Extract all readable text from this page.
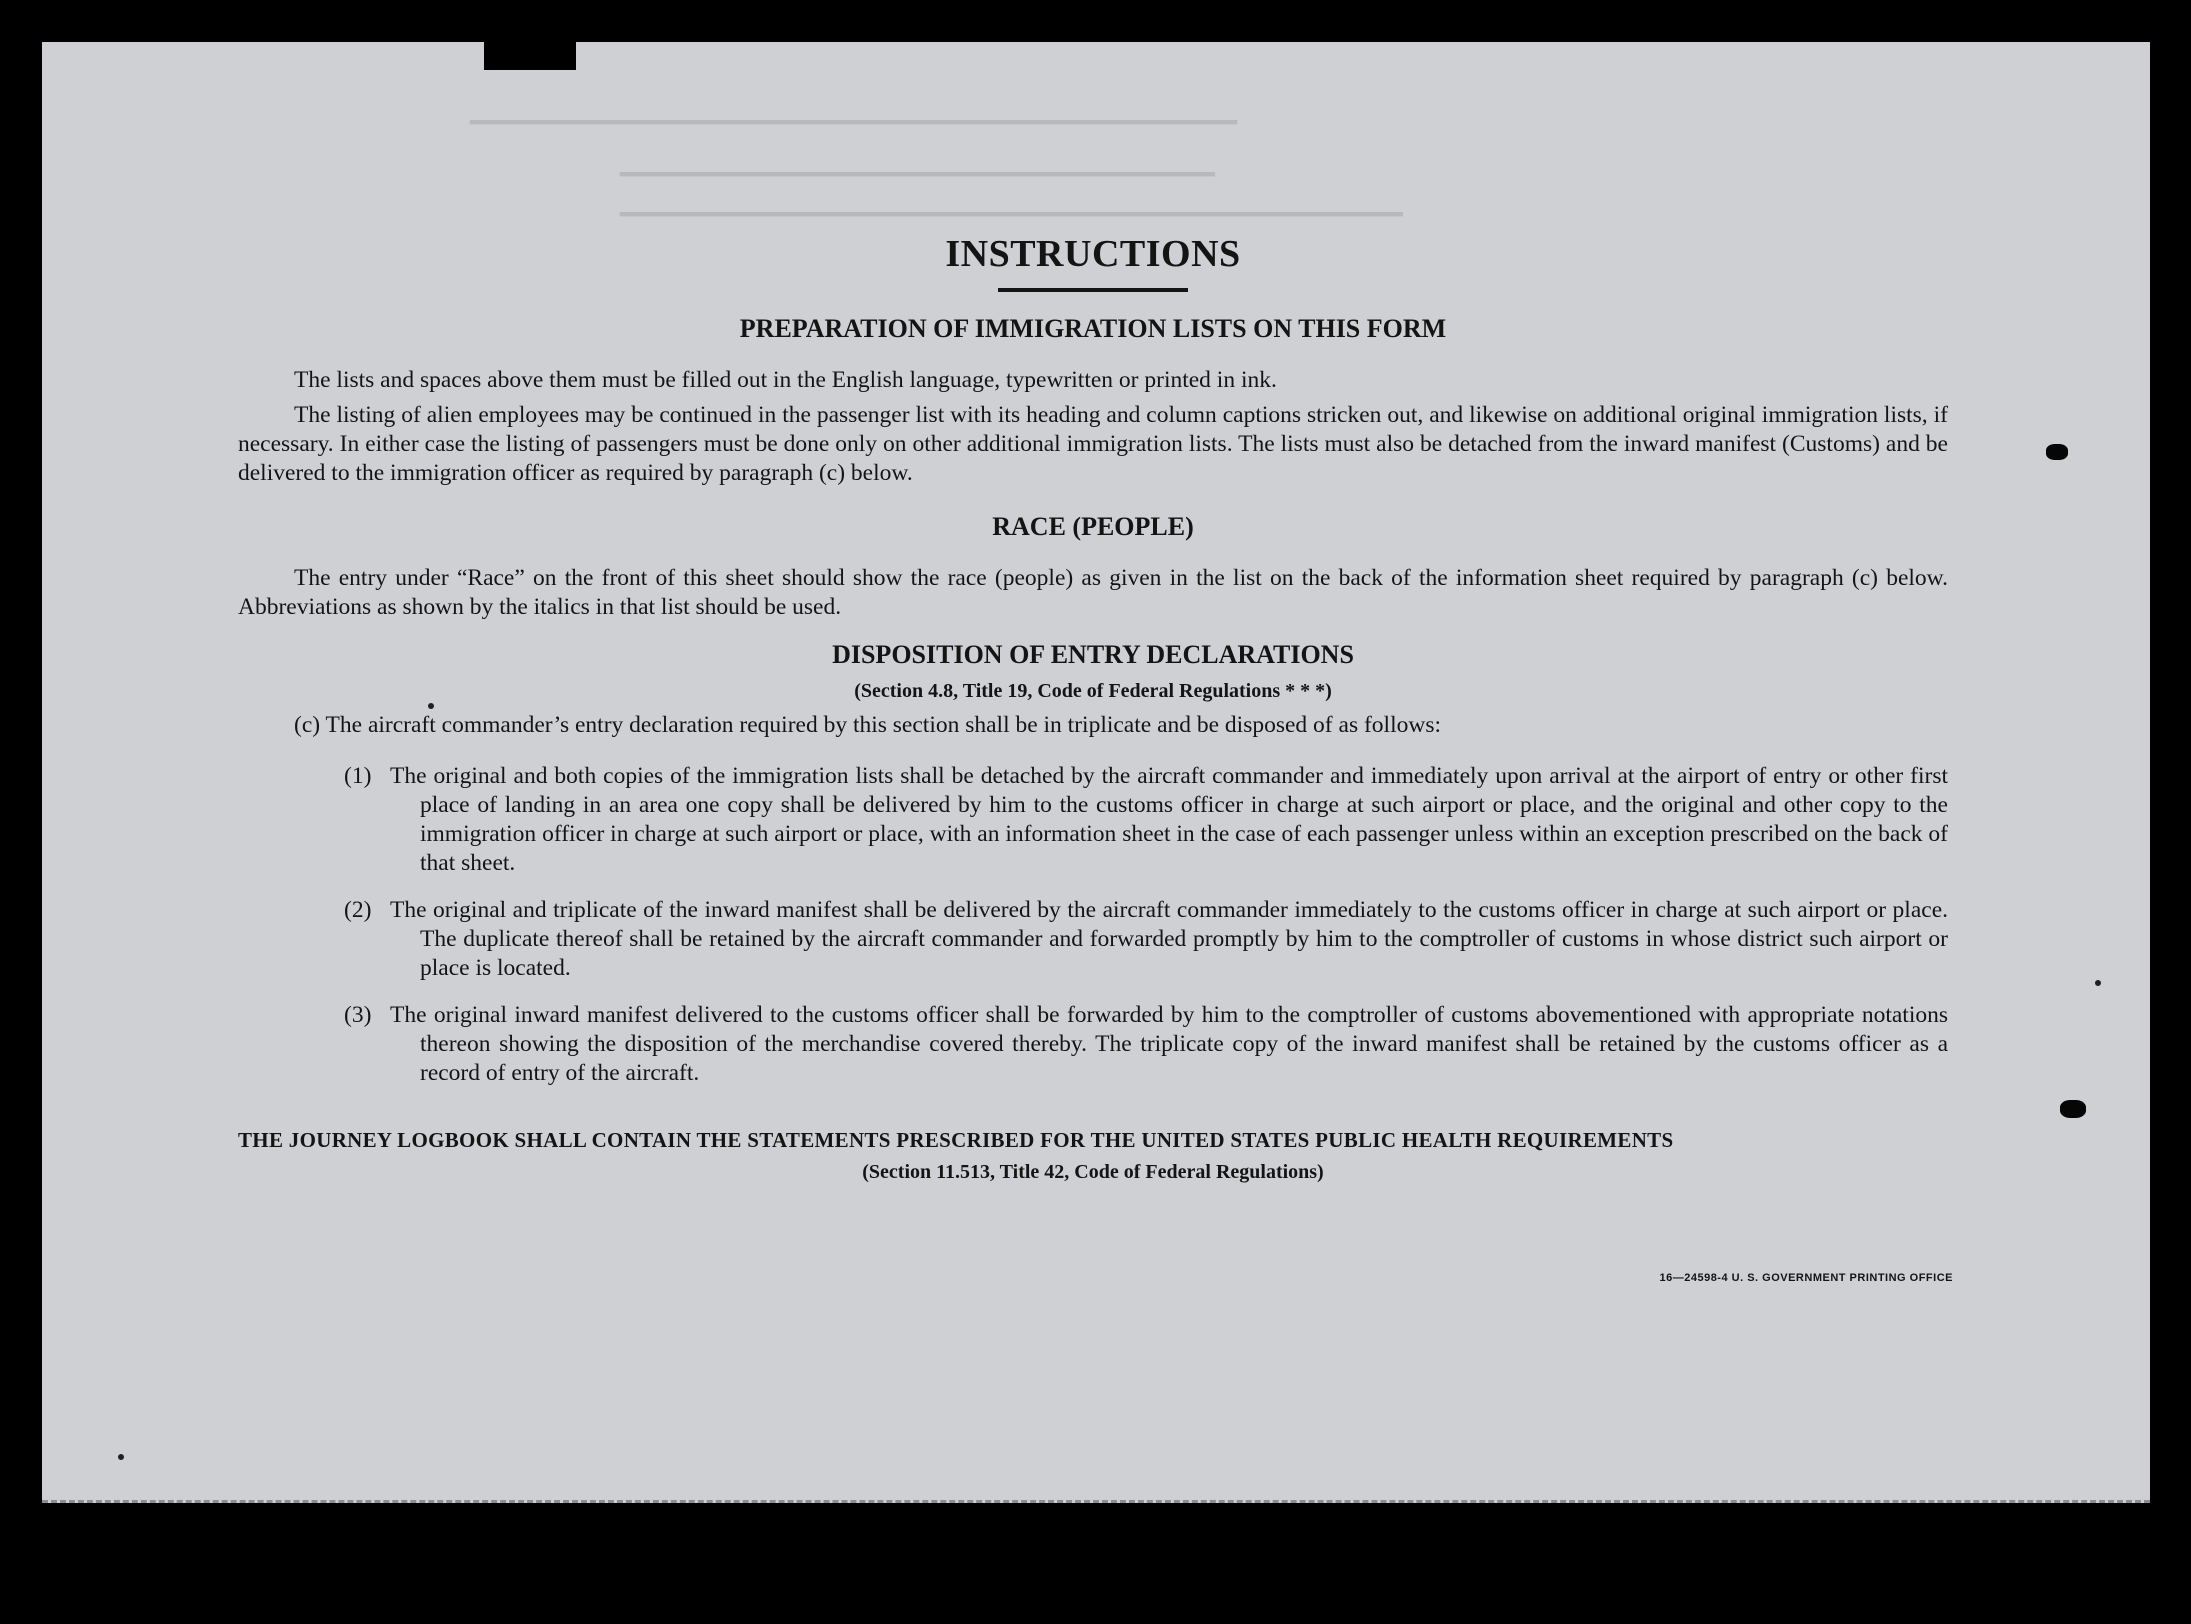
━━━━━━━━━━━━━━━━━━━━━━━━━━━━━━━━━━━━━━━━━━━━━━━━━
━━━━━━━━━━━━━━━━━━━━━━━━━━━━━━━━━━━━━━
━━━━━━━━━━━━━━━━━━━━━━━━━━━━━━━━━━━━━━━━━━━━━━━━━━
INSTRUCTIONS
PREPARATION OF IMMIGRATION LISTS ON THIS FORM

The lists and spaces above them must be filled out in the English language, typewritten or printed in ink.

The listing of alien employees may be continued in the passenger list with its heading and column captions stricken out, and likewise on additional original immigration lists, if necessary. In either case the listing of passengers must be done only on other additional immigration lists. The lists must also be detached from the inward manifest (Customs) and be delivered to the immigration officer as required by paragraph (c) below.

RACE (PEOPLE)

The entry under “Race” on the front of this sheet should show the race (people) as given in the list on the back of the information sheet required by paragraph (c) below. Abbreviations as shown by the italics in that list should be used.

DISPOSITION OF ENTRY DECLARATIONS
(Section 4.8, Title 19, Code of Federal Regulations * * *)

(c) The aircraft commander’s entry declaration required by this section shall be in triplicate and be disposed of as follows:

(1) The original and both copies of the immigration lists shall be detached by the aircraft commander and immediately upon arrival at the airport of entry or other first place of landing in an area one copy shall be delivered by him to the customs officer in charge at such airport or place, and the original and other copy to the immigration officer in charge at such airport or place, with an information sheet in the case of each passenger unless within an exception prescribed on the back of that sheet.

(2) The original and triplicate of the inward manifest shall be delivered by the aircraft commander immediately to the customs officer in charge at such airport or place. The duplicate thereof shall be retained by the aircraft commander and forwarded promptly by him to the comptroller of customs in whose district such airport or place is located.

(3) The original inward manifest delivered to the customs officer shall be forwarded by him to the comptroller of customs abovementioned with appropriate notations thereon showing the disposition of the merchandise covered thereby. The triplicate copy of the inward manifest shall be retained by the customs officer as a record of entry of the aircraft.

THE JOURNEY LOGBOOK SHALL CONTAIN THE STATEMENTS PRESCRIBED FOR THE UNITED STATES PUBLIC HEALTH REQUIREMENTS
(Section 11.513, Title 42, Code of Federal Regulations)
16—24598-4 U. S. GOVERNMENT PRINTING OFFICE
